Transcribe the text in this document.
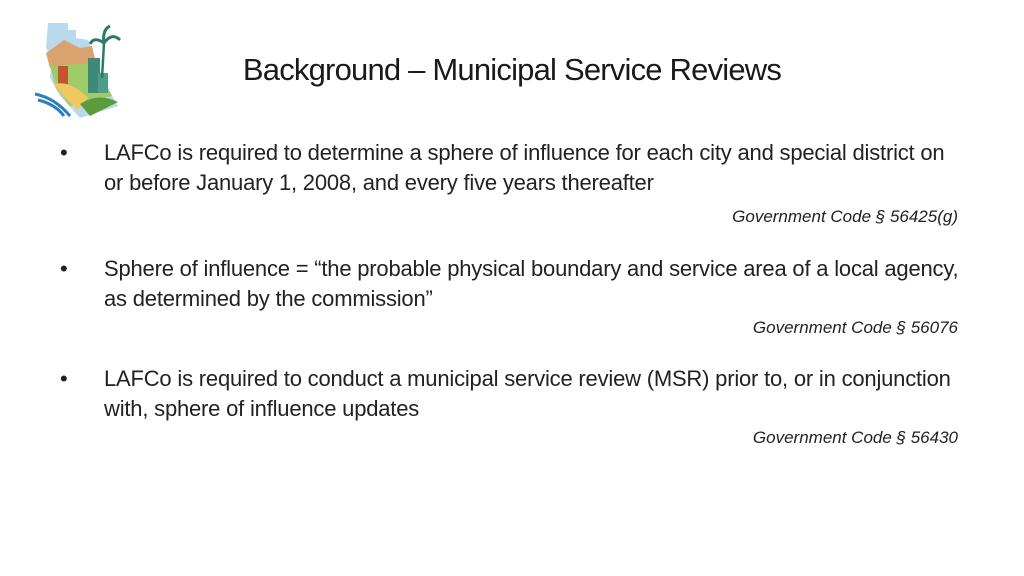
Background – Municipal Service Reviews
• LAFCo is required to determine a sphere of influence for each city and special district on or before January 1, 2008, and every five years thereafter
Government Code § 56425(g)
• Sphere of influence = “the probable physical boundary and service area of a local agency, as determined by the commission”
Government Code § 56076
• LAFCo is required to conduct a municipal service review (MSR) prior to, or in conjunction with, sphere of influence updates
Government Code § 56430
